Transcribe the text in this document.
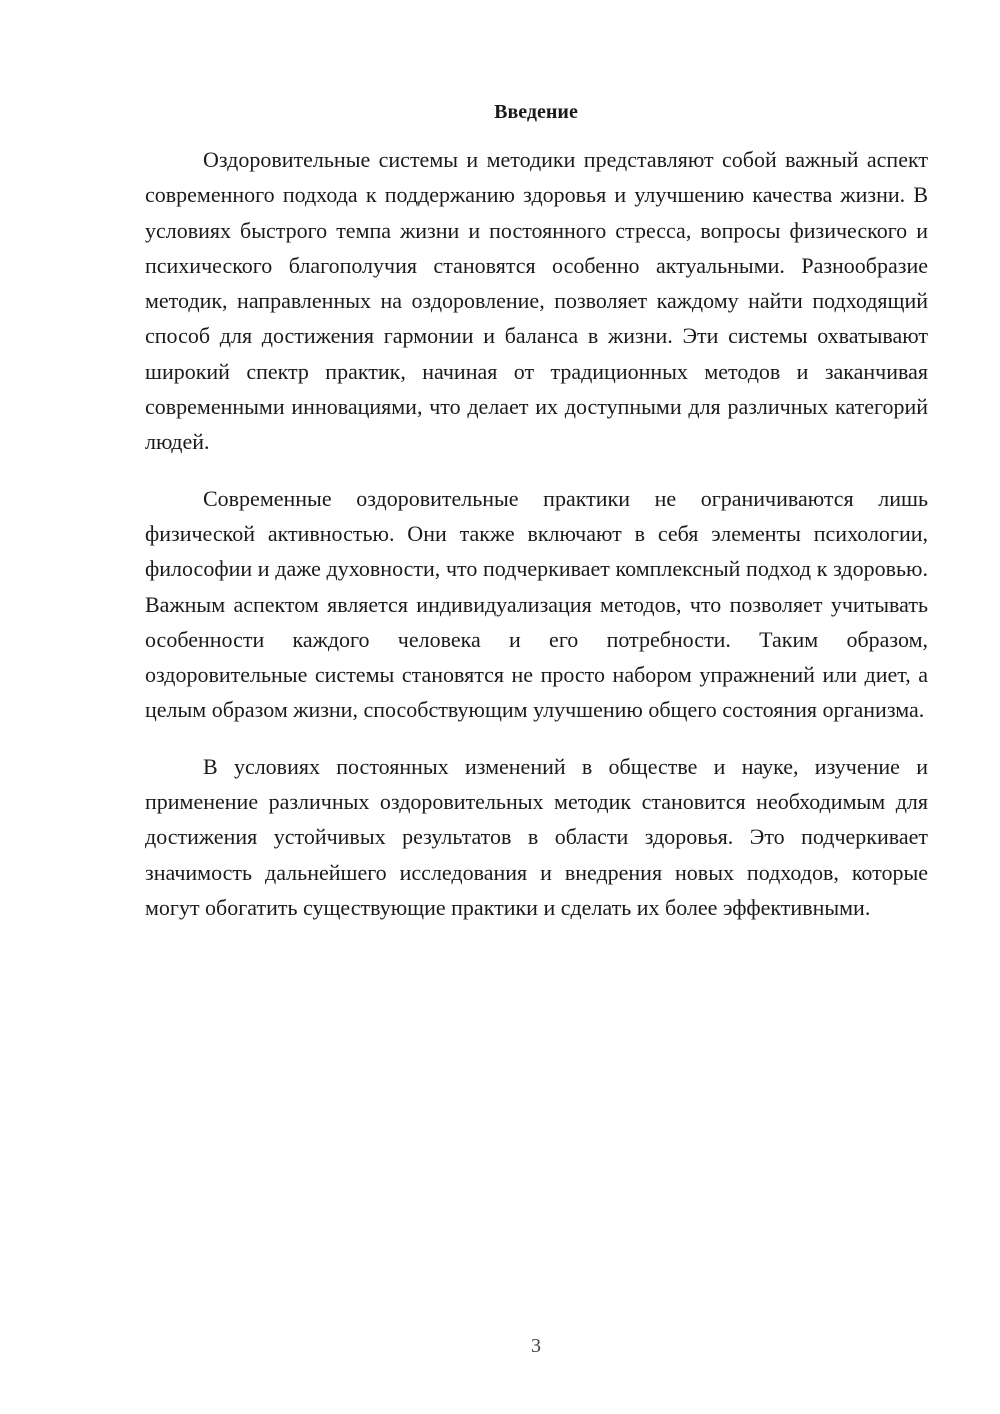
Введение

Оздоровительные системы и методики представляют собой важный аспект современного подхода к поддержанию здоровья и улучшению качества жизни. В условиях быстрого темпа жизни и постоянного стресса, вопросы физического и психического благополучия становятся особенно актуальными. Разнообразие методик, направленных на оздоровление, позволяет каждому найти подходящий способ для достижения гармонии и баланса в жизни. Эти системы охватывают широкий спектр практик, начиная от традиционных методов и заканчивая современными инновациями, что делает их доступными для различных категорий людей.

Современные оздоровительные практики не ограничиваются лишь физической активностью. Они также включают в себя элементы психологии, философии и даже духовности, что подчеркивает комплексный подход к здоровью. Важным аспектом является индивидуализация методов, что позволяет учитывать особенности каждого человека и его потребности. Таким образом, оздоровительные системы становятся не просто набором упражнений или диет, а целым образом жизни, способствующим улучшению общего состояния организма.

В условиях постоянных изменений в обществе и науке, изучение и применение различных оздоровительных методик становится необходимым для достижения устойчивых результатов в области здоровья. Это подчеркивает значимость дальнейшего исследования и внедрения новых подходов, которые могут обогатить существующие практики и сделать их более эффективными.

3
